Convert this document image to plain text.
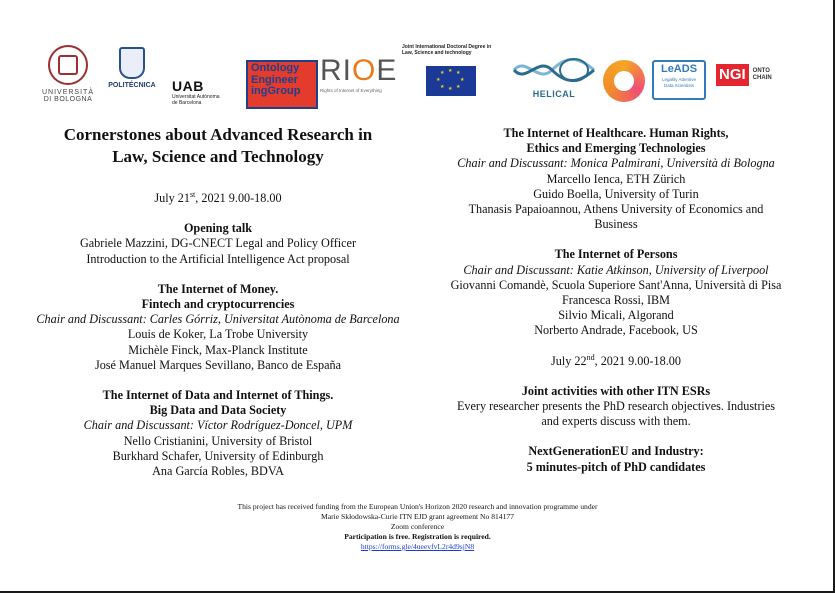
UNIVERSITÀ
DI BOLOGNA
POLITÉCNICA	UAB
Universitat Autònoma
de Barcelona
Ontology
Engineer
ingGroup
RIOE
Rights of Internet of Everything
Joint International Doctoral Degree in
Law, Science and technology
★ ★
★
★
★
★
★
★
HELICAL
LeADS
Legality Attentive
Data Scientists
NGI ONTO
CHAIN
Cornerstones about Advanced Research in
Law, Science and Technology
July 21st, 2021 9.00-18.00
Opening talk
Gabriele Mazzini, DG-CNECT Legal and Policy Officer
Introduction to the Artificial Intelligence Act proposal
The Internet of Money.
Fintech and cryptocurrencies
Chair and Discussant: Carles Górriz, Universitat Autònoma de Barcelona
Louis de Koker, La Trobe University
Michèle Finck, Max-Planck Institute
José Manuel Marques Sevillano, Banco de España
The Internet of Data and Internet of Things.
Big Data and Data Society
Chair and Discussant: Víctor Rodríguez-Doncel, UPM
Nello Cristianini, University of Bristol
Burkhard Schafer, University of Edinburgh
Ana García Robles, BDVA
The Internet of Healthcare. Human Rights,
Ethics and Emerging Technologies
Chair and Discussant: Monica Palmirani, Università di Bologna
Marcello Ienca, ETH Zürich
Guido Boella, University of Turin
Thanasis Papaioannou, Athens University of Economics and
Business
The Internet of Persons
Chair and Discussant: Katie Atkinson, University of Liverpool
Giovanni Comandè, Scuola Superiore Sant'Anna, Università di Pisa
Francesca Rossi, IBM
Silvio Micali, Algorand
Norberto Andrade, Facebook, US
July 22nd, 2021 9.00-18.00
Joint activities with other ITN ESRs
Every researcher presents the PhD research objectives. Industries
and experts discuss with them.
NextGenerationEU and Industry:
5 minutes-pitch of PhD candidates
This project has received funding from the European Union's Horizon 2020 research and innovation programme under
Marie Skłodowska-Curie ITN EJD grant agreement No 814177
Zoom conference
Participation is free. Registration is required.
https://forms.gle/4ueevfvL2r4d9sjN8
